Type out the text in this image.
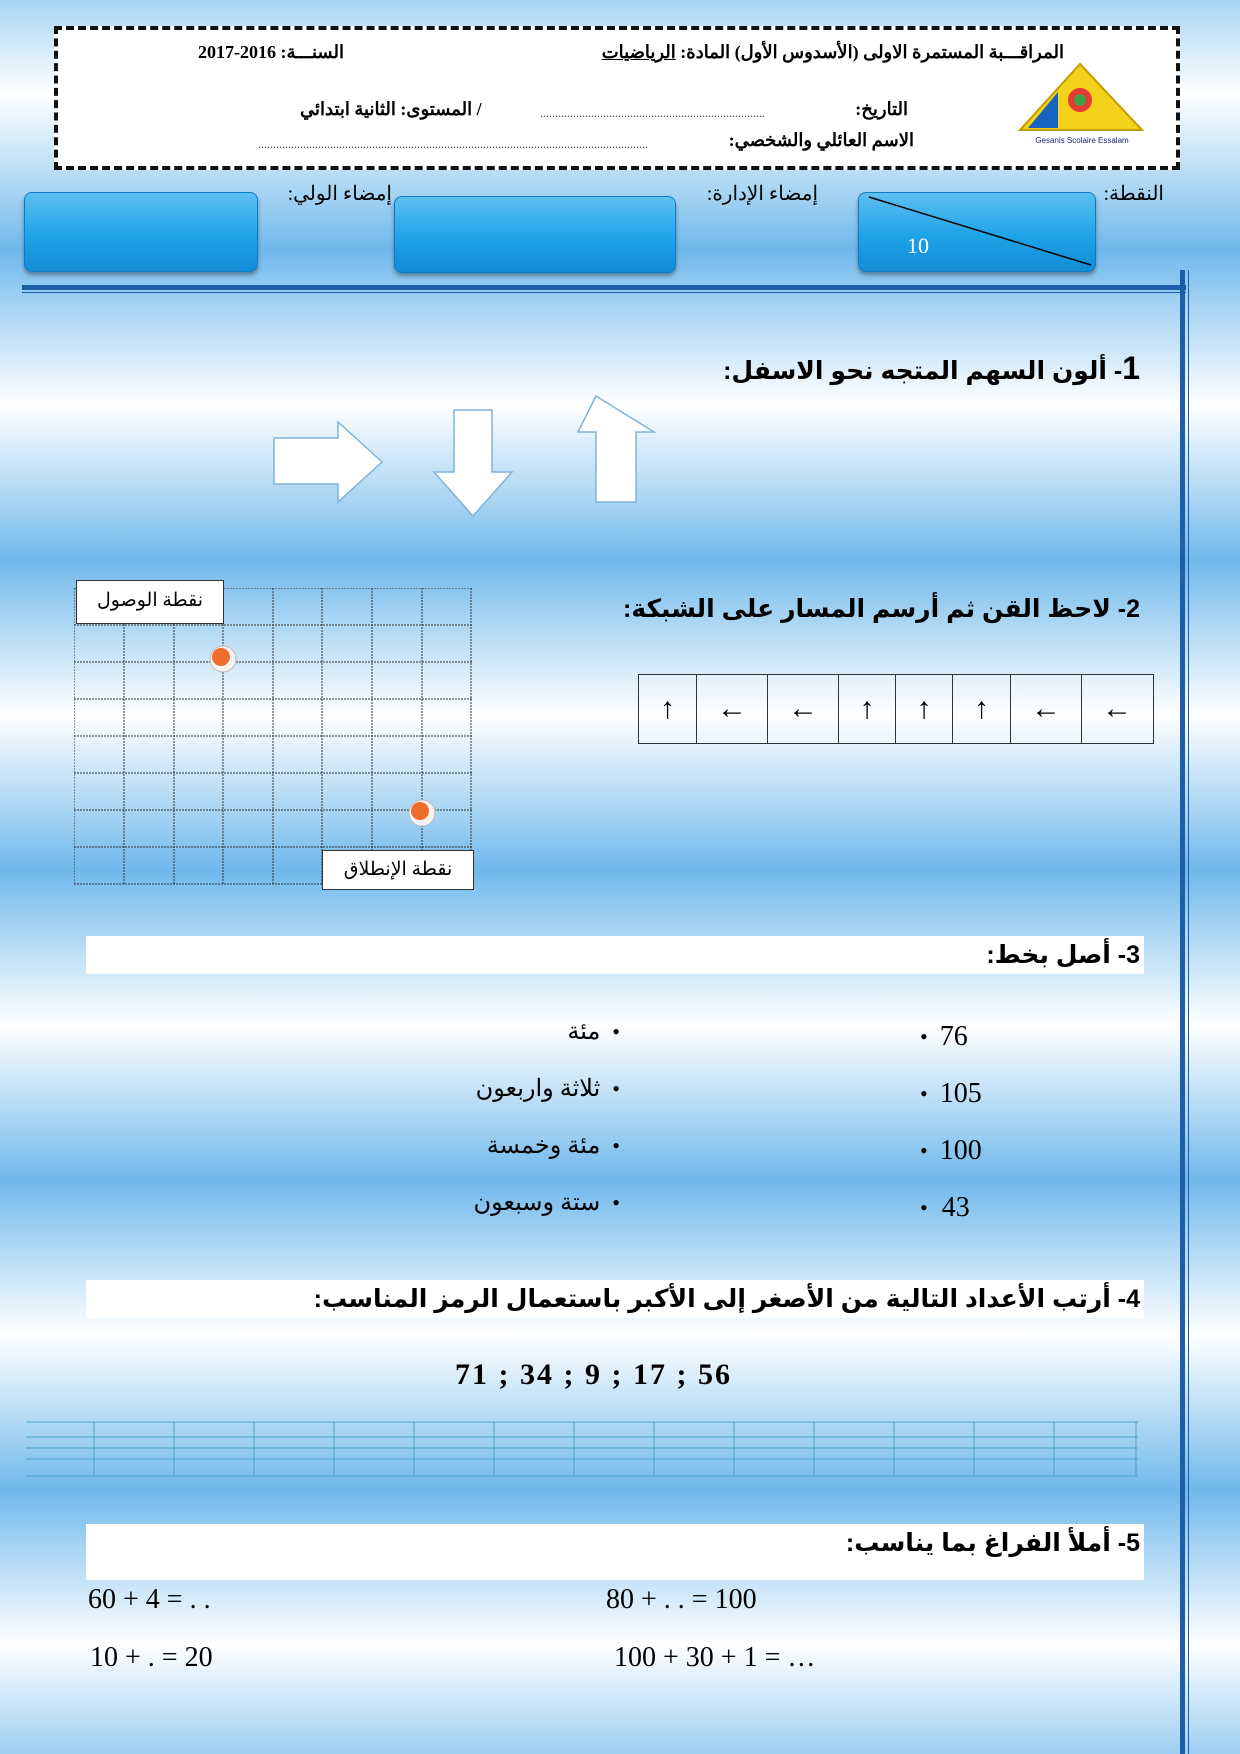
المراقـــبة المستمرة الاولى (الأسدوس الأول) المادة: الرياضيات
السنـــة: 2016-2017
التاريخ:
...........................................................................
/ المستوى: الثانية ابتدائي
الاسم العائلي والشخصي:
..................................................................................................................................	Gesanis Scolaire Essalam
النقطة:
10
إمضاء الإدارة:
إمضاء الولي:
1- ألون السهم المتجه نحو الاسفل:
2- لاحظ القن ثم أرسم المسار على الشبكة:
↑ ← ← ↑ ↑ ↑ ← ←
نقطة الوصول
نقطة الإنطلاق
3- أصل بخط:
• 76
• 105
• 100
• 43
•
مئة
•
ثلاثة واربعون
•
مئة وخمسة
•
ستة وسبعون
4- أرتب الأعداد التالية من الأصغر إلى الأكبر باستعمال الرمز المناسب:
71 ; 34 ; 9 ; 17 ; 56
5- أملأ الفراغ بما يناسب:
60 + 4 = . .	80 + . . = 100
10 + . = 20	100 + 30 + 1 = …
